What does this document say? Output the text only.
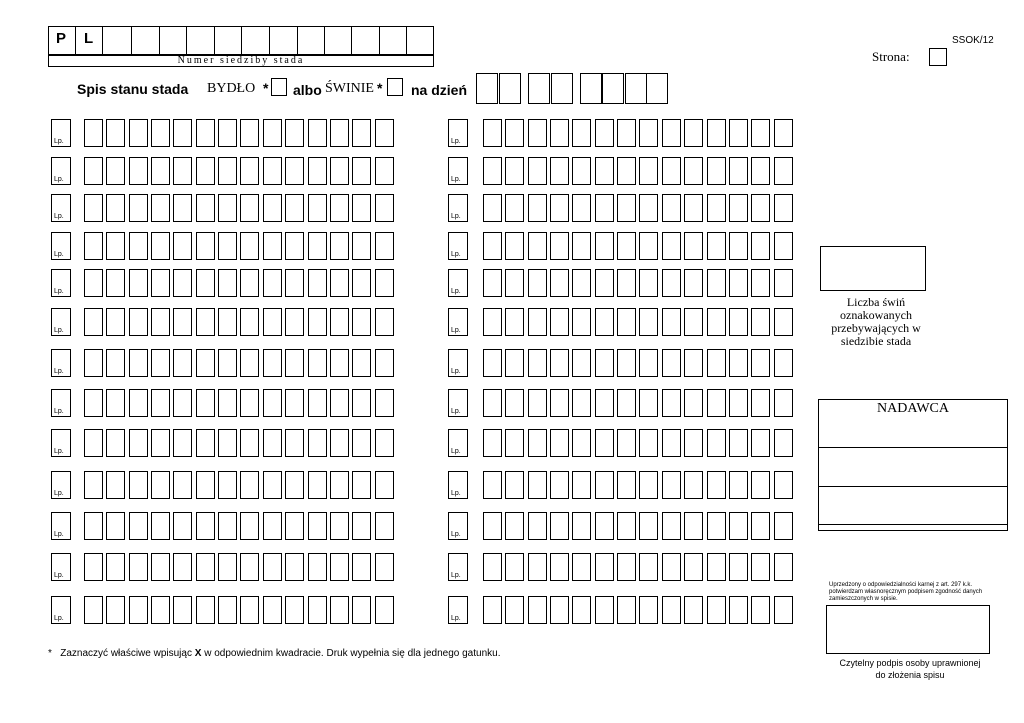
P L
Numer siedziby stada
SSOK/12
Strona:
Spis stanu stada BYDŁO * albo ŚWINIE * na dzień
Lp.	Lp.
Lp.	Lp.
Lp.	Lp.
Lp.	Lp.
Lp.	Lp.
Lp.	Lp.
Lp.	Lp.
Lp.	Lp.
Lp.	Lp.
Lp.	Lp.
Lp.	Lp.
Lp.	Lp.
Lp.	Lp.
Liczba świń oznakowanych przebywających w siedzibie stada
NADAWCA
Uprzedzony o odpowiedzialności karnej z art. 297 k.k. potwierdzam własnoręcznym podpisem zgodność danych zamieszczonych w spisie.
Czytelny podpis osoby uprawnionej do złożenia spisu
* Zaznaczyć właściwe wpisując X w odpowiednim kwadracie. Druk wypełnia się dla jednego gatunku.
